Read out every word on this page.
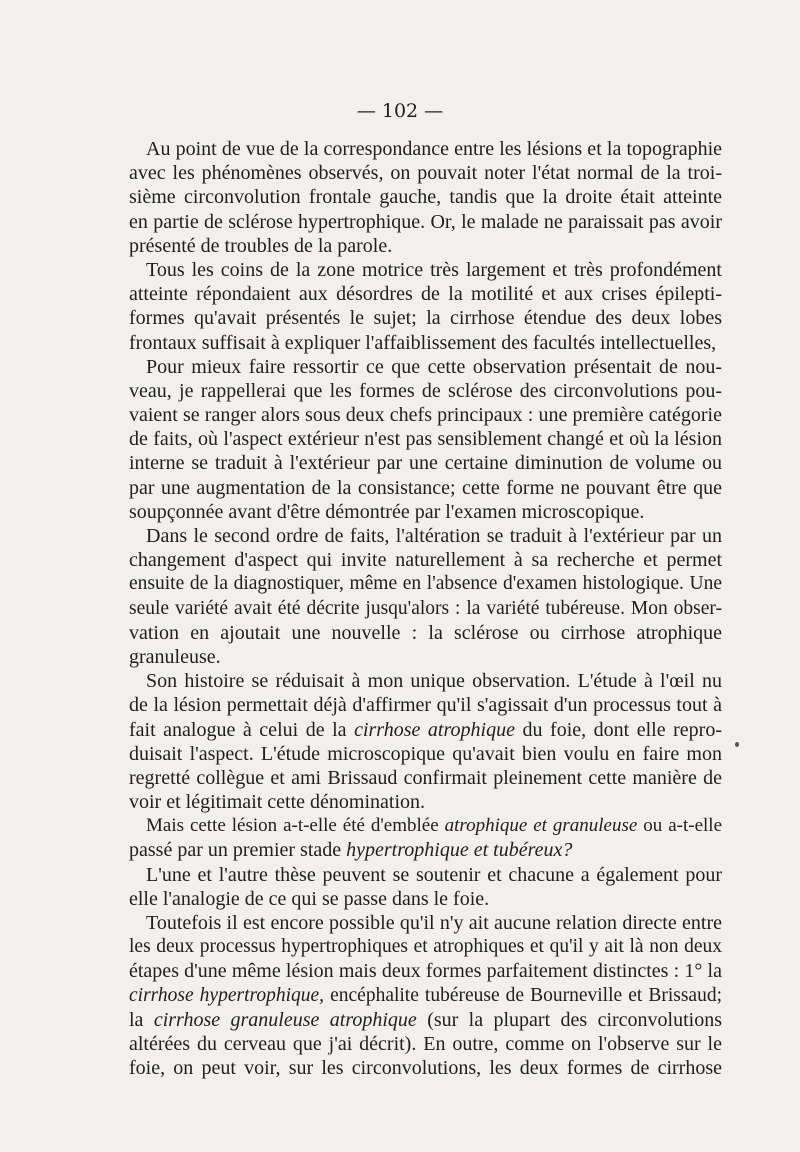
— 102 —
Au point de vue de la correspondance entre les lésions et la topographie
avec les phénomènes observés, on pouvait noter l'état normal de la troi-
sième circonvolution frontale gauche, tandis que la droite était atteinte
en partie de sclérose hypertrophique. Or, le malade ne paraissait pas avoir
présenté de troubles de la parole.
Tous les coins de la zone motrice très largement et très profondément
atteinte répondaient aux désordres de la motilité et aux crises épilepti-
formes qu'avait présentés le sujet; la cirrhose étendue des deux lobes
frontaux suffisait à expliquer l'affaiblissement des facultés intellectuelles,
Pour mieux faire ressortir ce que cette observation présentait de nou-
veau, je rappellerai que les formes de sclérose des circonvolutions pou-
vaient se ranger alors sous deux chefs principaux : une première catégorie
de faits, où l'aspect extérieur n'est pas sensiblement changé et où la lésion
interne se traduit à l'extérieur par une certaine diminution de volume ou
par une augmentation de la consistance; cette forme ne pouvant être que
soupçonnée avant d'être démontrée par l'examen microscopique.
Dans le second ordre de faits, l'altération se traduit à l'extérieur par un
changement d'aspect qui invite naturellement à sa recherche et permet
ensuite de la diagnostiquer, même en l'absence d'examen histologique. Une
seule variété avait été décrite jusqu'alors : la variété tubéreuse. Mon obser-
vation en ajoutait une nouvelle : la sclérose ou cirrhose atrophique
granuleuse.
Son histoire se réduisait à mon unique observation. L'étude à l'œil nu
de la lésion permettait déjà d'affirmer qu'il s'agissait d'un processus tout à
fait analogue à celui de la cirrhose atrophique du foie, dont elle repro-
duisait l'aspect. L'étude microscopique qu'avait bien voulu en faire mon
regretté collègue et ami Brissaud confirmait pleinement cette manière de
voir et légitimait cette dénomination.
Mais cette lésion a-t-elle été d'emblée atrophique et granuleuse ou a-t-elle
passé par un premier stade hypertrophique et tubéreux?
L'une et l'autre thèse peuvent se soutenir et chacune a également pour
elle l'analogie de ce qui se passe dans le foie.
Toutefois il est encore possible qu'il n'y ait aucune relation directe entre
les deux processus hypertrophiques et atrophiques et qu'il y ait là non deux
étapes d'une même lésion mais deux formes parfaitement distinctes : 1° la
cirrhose hypertrophique, encéphalite tubéreuse de Bourneville et Brissaud;
la cirrhose granuleuse atrophique (sur la plupart des circonvolutions
altérées du cerveau que j'ai décrit). En outre, comme on l'observe sur le
foie, on peut voir, sur les circonvolutions, les deux formes de cirrhose
